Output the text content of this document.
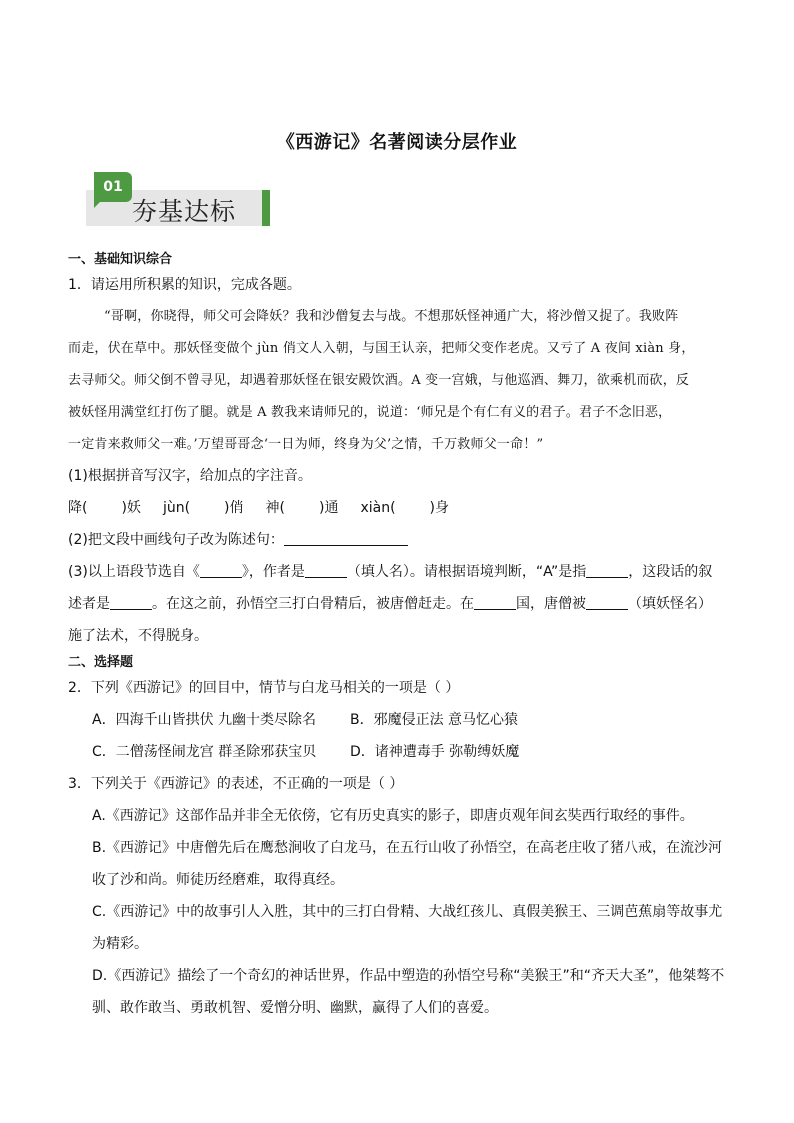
《西游记》名著阅读分层作业
01
夯基达标
一、基础知识综合
1．请运用所积累的知识，完成各题。
“哥啊，你晓得，师父可会降妖？我和沙僧复去与战。不想那妖怪神通广大，将沙僧又捉了。我败阵
而走，伏在草中。那妖怪变做个 jùn 俏文人入朝，与国王认亲，把师父变作老虎。又亏了 A 夜间 xiàn 身，
去寻师父。师父倒不曾寻见，却遇着那妖怪在银安殿饮酒。A 变一宫娥，与他巡酒、舞刀，欲乘机而砍，反
被妖怪用满堂红打伤了腿。就是 A 教我来请师兄的，说道：‘师兄是个有仁有义的君子。君子不念旧恶，
一定肯来救师父一难。’万望哥哥念‘一日为师，终身为父’之情，千万救师父一命！”
(1)根据拼音写汉字，给加点的字注音。
降( )妖 jùn( )俏 神( )通 xiàn( )身
(2)把文段中画线句子改为陈述句：
(3)以上语段节选自《	》，作者是	（填人名）。请根据语境判断，“A”是指	，这段话的叙
述者是	。在这之前，孙悟空三打白骨精后，被唐僧赶走。在	国，唐僧被	（填妖怪名）
施了法术，不得脱身。
二、选择题
2．下列《西游记》的回目中，情节与白龙马相关的一项是（ ）
A．四海千山皆拱伏 九幽十类尽除名 B．邪魔侵正法 意马忆心猿
C．二僧荡怪闹龙宫 群圣除邪获宝贝 D．诸神遭毒手 弥勒缚妖魔
3．下列关于《西游记》的表述，不正确的一项是（ ）
A.《西游记》这部作品并非全无依傍，它有历史真实的影子，即唐贞观年间玄奘西行取经的事件。
B.《西游记》中唐僧先后在鹰愁涧收了白龙马，在五行山收了孙悟空，在高老庄收了猪八戒，在流沙河
收了沙和尚。师徒历经磨难，取得真经。
C.《西游记》中的故事引人入胜，其中的三打白骨精、大战红孩儿、真假美猴王、三调芭蕉扇等故事尤
为精彩。
D.《西游记》描绘了一个奇幻的神话世界，作品中塑造的孙悟空号称“美猴王”和“齐天大圣”，他桀骜不
驯、敢作敢当、勇敢机智、爱憎分明、幽默，赢得了人们的喜爱。
